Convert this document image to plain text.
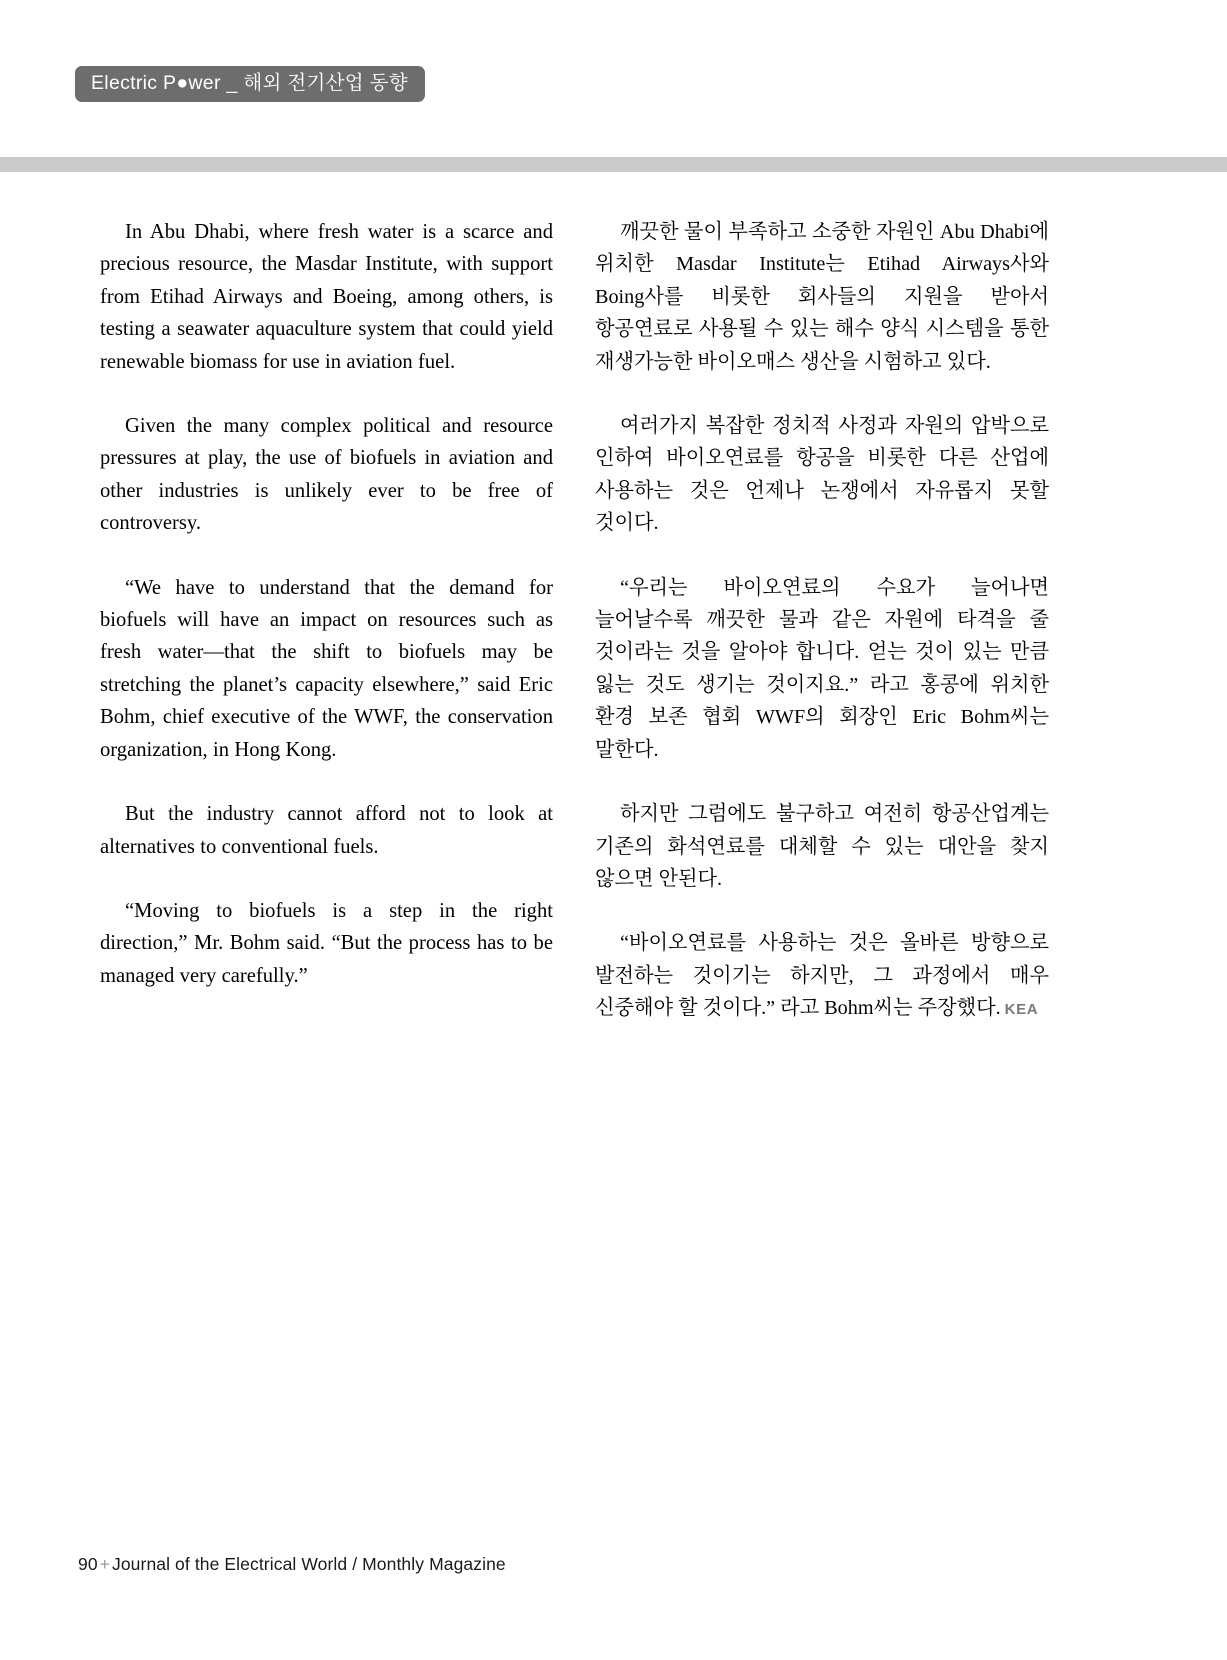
Electric P●wer _ 해외 전기산업 동향

In Abu Dhabi, where fresh water is a scarce and precious resource, the Masdar Institute, with support from Etihad Airways and Boeing, among others, is testing a seawater aquaculture system that could yield renewable biomass for use in aviation fuel.

Given the many complex political and resource pressures at play, the use of biofuels in aviation and other industries is unlikely ever to be free of controversy.

“We have to understand that the demand for biofuels will have an impact on resources such as fresh water—that the shift to biofuels may be stretching the planet’s capacity elsewhere,” said Eric Bohm, chief executive of the WWF, the conservation organization, in Hong Kong.

But the industry cannot afford not to look at alternatives to conventional fuels.

“Moving to biofuels is a step in the right direction,” Mr. Bohm said. “But the process has to be managed very carefully.”

깨끗한 물이 부족하고 소중한 자원인 Abu Dhabi에 위치한 Masdar Institute는 Etihad Airways사와 Boing사를 비롯한 회사들의 지원을 받아서 항공연료로 사용될 수 있는 해수 양식 시스템을 통한 재생가능한 바이오매스 생산을 시험하고 있다.

여러가지 복잡한 정치적 사정과 자원의 압박으로 인하여 바이오연료를 항공을 비롯한 다른 산업에 사용하는 것은 언제나 논쟁에서 자유롭지 못할 것이다.

“우리는 바이오연료의 수요가 늘어나면 늘어날수록 깨끗한 물과 같은 자원에 타격을 줄 것이라는 것을 알아야 합니다. 얻는 것이 있는 만큼 잃는 것도 생기는 것이지요.” 라고 홍콩에 위치한 환경 보존 협회 WWF의 회장인 Eric Bohm씨는 말한다.

하지만 그럼에도 불구하고 여전히 항공산업계는 기존의 화석연료를 대체할 수 있는 대안을 찾지 않으면 안된다.

“바이오연료를 사용하는 것은 올바른 방향으로 발전하는 것이기는 하지만, 그 과정에서 매우 신중해야 할 것이다.” 라고 Bohm씨는 주장했다. KEA

90 + Journal of the Electrical World / Monthly Magazine
